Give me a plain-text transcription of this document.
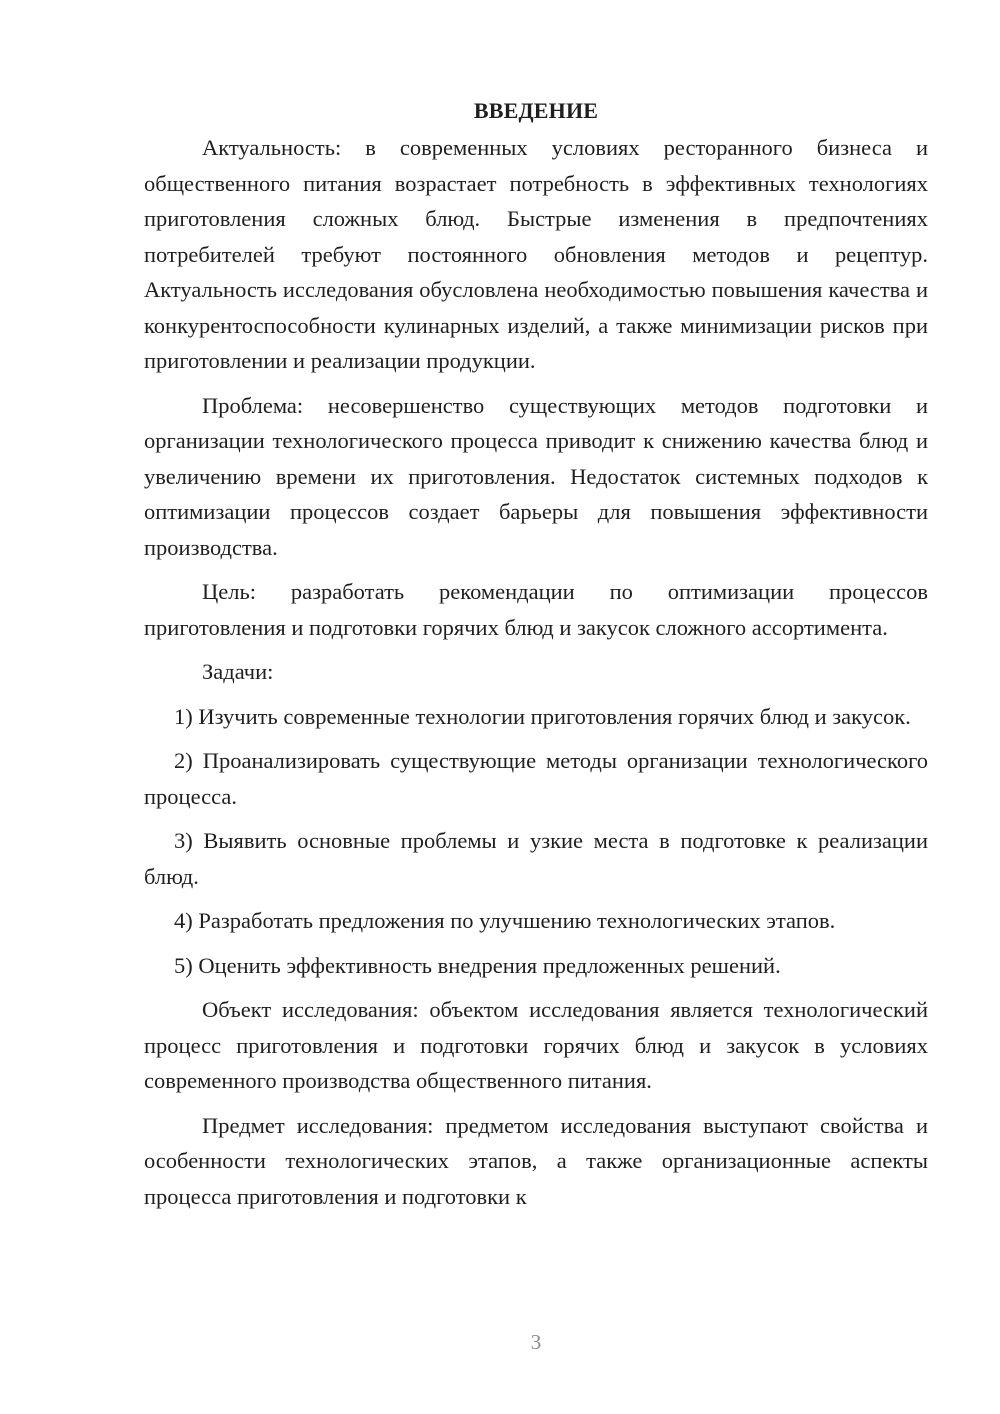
ВВЕДЕНИЕ

Актуальность: в современных условиях ресторанного бизнеса и общественного питания возрастает потребность в эффективных технологиях приготовления сложных блюд. Быстрые изменения в предпочтениях потребителей требуют постоянного обновления методов и рецептур. Актуальность исследования обусловлена необходимостью повышения качества и конкурентоспособности кулинарных изделий, а также минимизации рисков при приготовлении и реализации продукции.

Проблема: несовершенство существующих методов подготовки и организации технологического процесса приводит к снижению качества блюд и увеличению времени их приготовления. Недостаток системных подходов к оптимизации процессов создает барьеры для повышения эффективности производства.

Цель: разработать рекомендации по оптимизации процессов приготовления и подготовки горячих блюд и закусок сложного ассортимента.

Задачи:

1) Изучить современные технологии приготовления горячих блюд и закусок.

2) Проанализировать существующие методы организации технологического процесса.

3) Выявить основные проблемы и узкие места в подготовке к реализации блюд.

4) Разработать предложения по улучшению технологических этапов.

5) Оценить эффективность внедрения предложенных решений.

Объект исследования: объектом исследования является технологический процесс приготовления и подготовки горячих блюд и закусок в условиях современного производства общественного питания.

Предмет исследования: предметом исследования выступают свойства и особенности технологических этапов, а также организационные аспекты процесса приготовления и подготовки к

3
